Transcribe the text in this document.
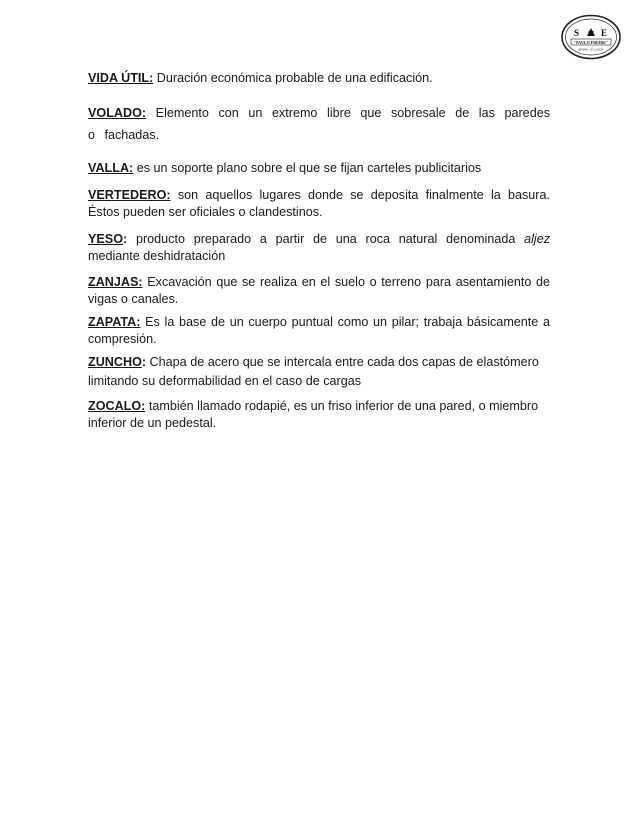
S E
"PAULO FREIRE"
IBARRA - ECUADOR

VIDA ÚTIL: Duración económica probable de una edificación.

VOLADO: Elemento con un extremo libre que sobresale de las paredes o fachadas.

VALLA: es un soporte plano sobre el que se fijan carteles publicitarios

VERTEDERO: son aquellos lugares donde se deposita finalmente la basura. Éstos pueden ser oficiales o clandestinos.

YESO: producto preparado a partir de una roca natural denominada aljez mediante deshidratación

ZANJAS: Excavación que se realiza en el suelo o terreno para asentamiento de vigas o canales.

ZAPATA: Es la base de un cuerpo puntual como un pilar; trabaja básicamente a compresión.

ZUNCHO: Chapa de acero que se intercala entre cada dos capas de elastómero limitando su deformabilidad en el caso de cargas

ZOCALO: también llamado rodapié, es un friso inferior de una pared, o miembro inferior de un pedestal.
